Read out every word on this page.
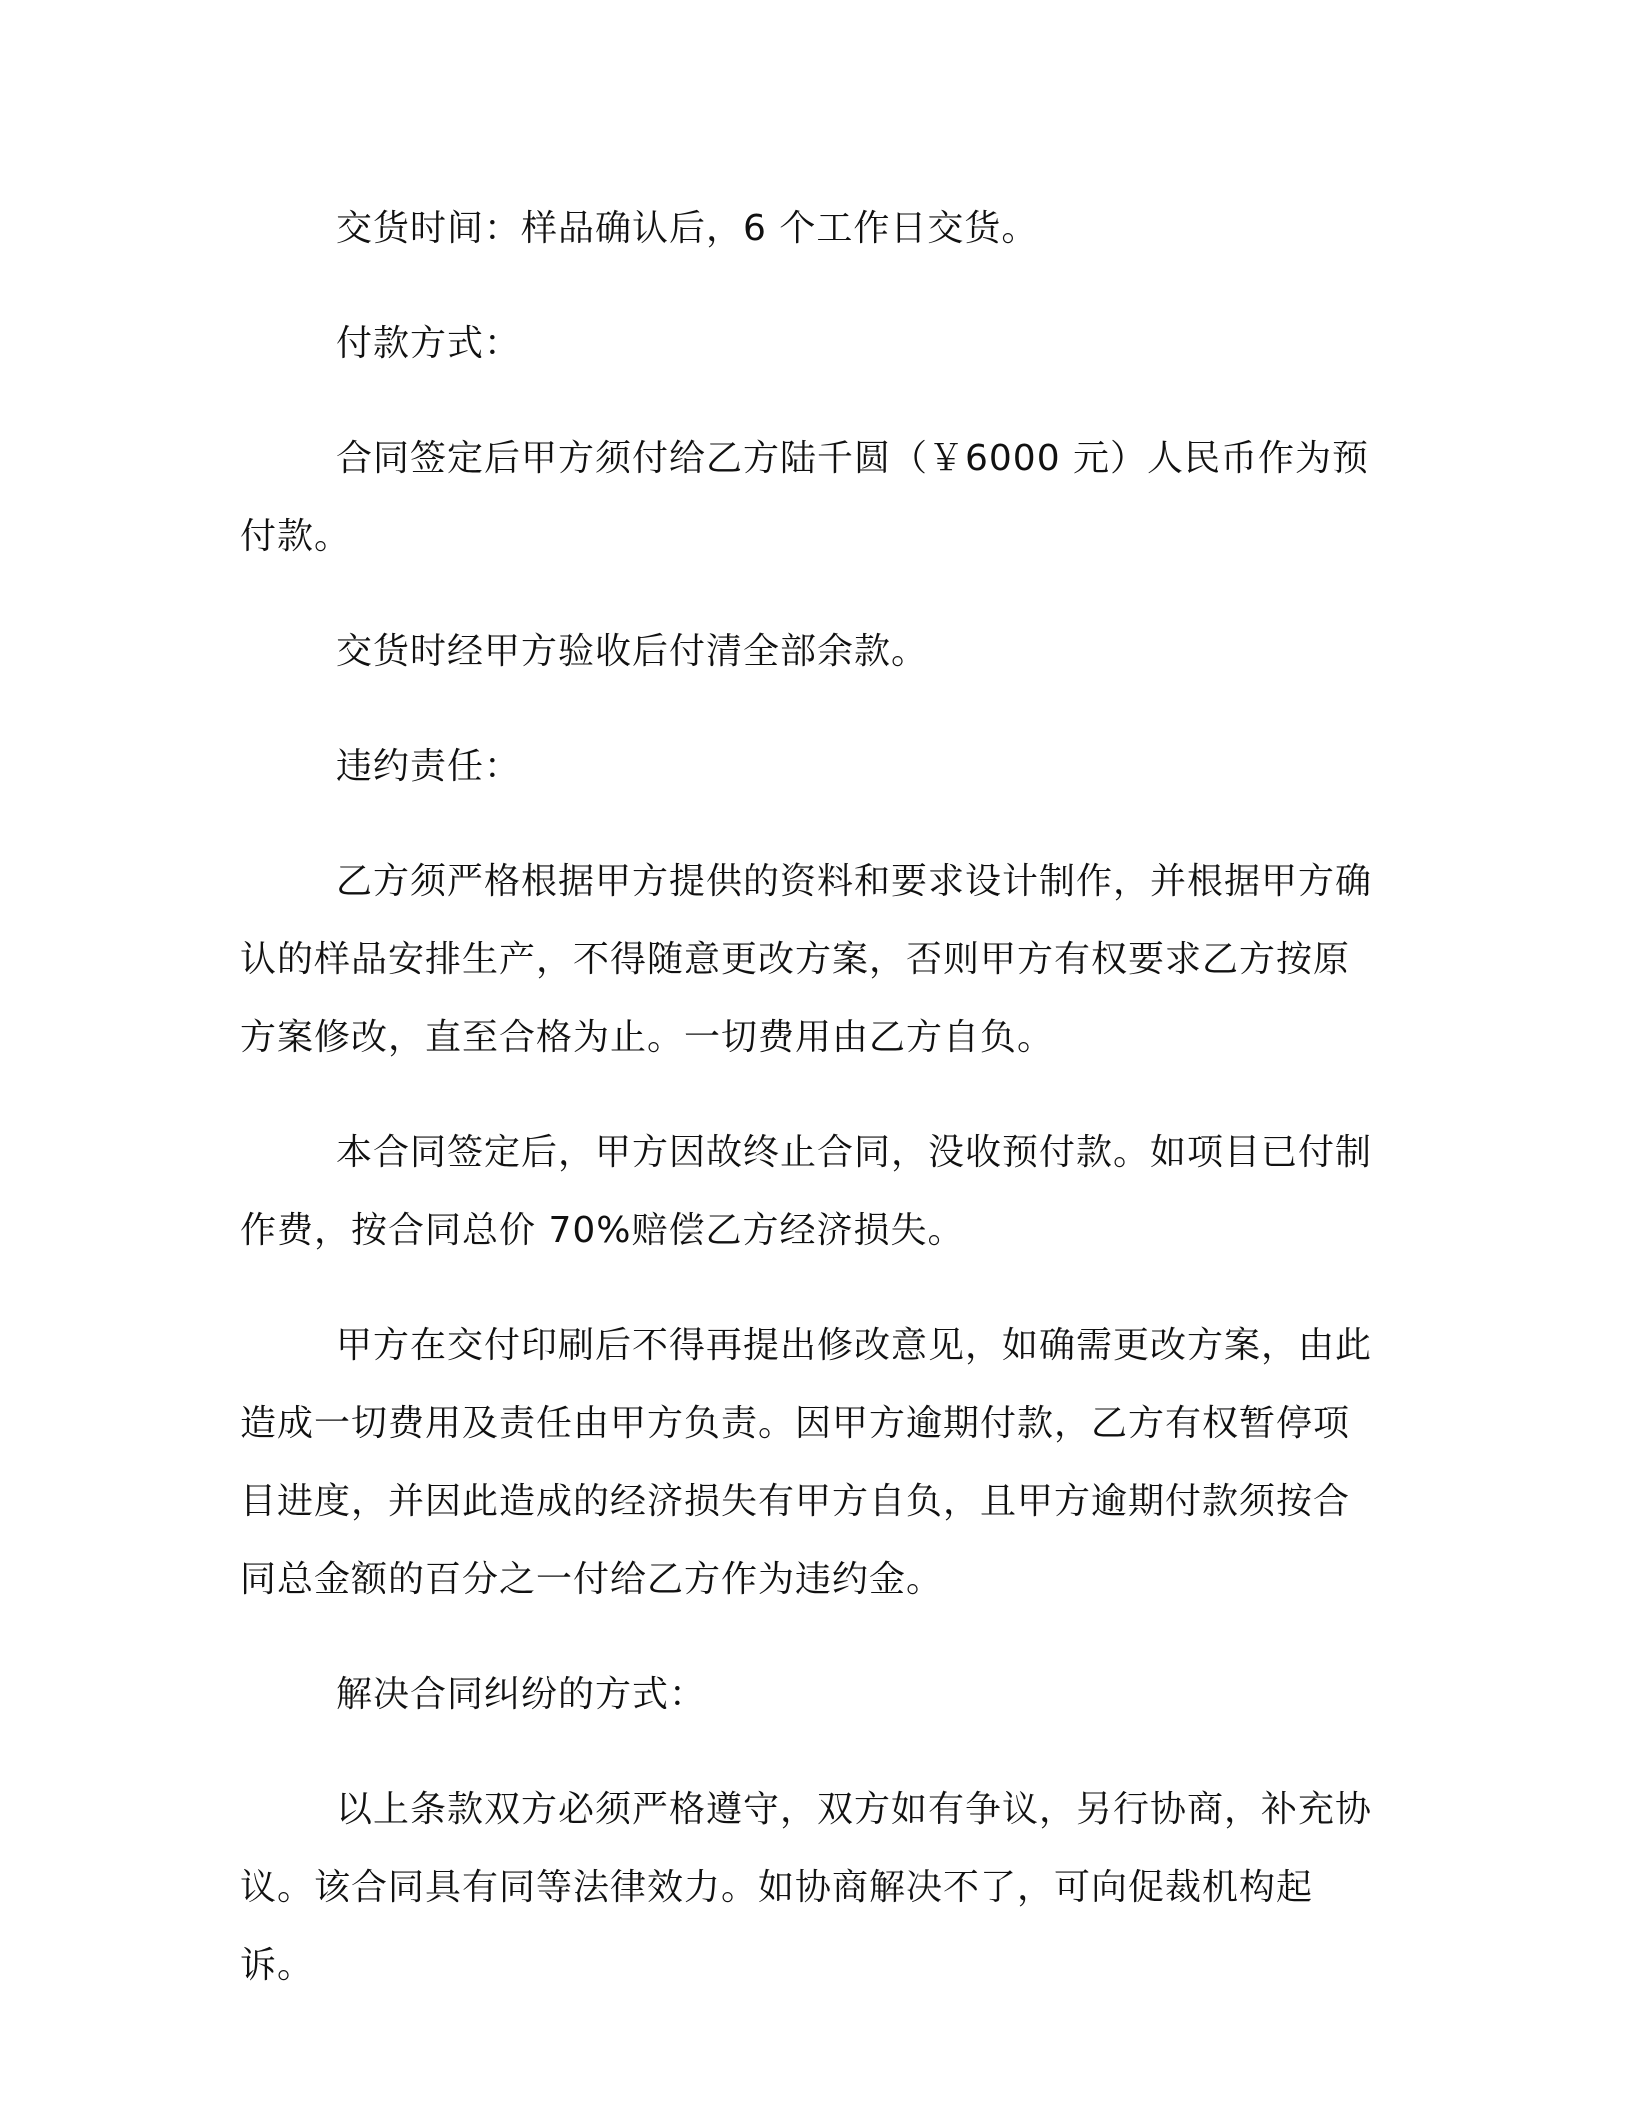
交货时间：样品确认后，6 个工作日交货。

付款方式：

合同签定后甲方须付给乙方陆千圆（￥6000 元）人民币作为预付款。

交货时经甲方验收后付清全部余款。

违约责任：

乙方须严格根据甲方提供的资料和要求设计制作，并根据甲方确认的样品安排生产，不得随意更改方案，否则甲方有权要求乙方按原方案修改，直至合格为止。一切费用由乙方自负。

本合同签定后，甲方因故终止合同，没收预付款。如项目已付制作费，按合同总价 70%赔偿乙方经济损失。

甲方在交付印刷后不得再提出修改意见，如确需更改方案，由此造成一切费用及责任由甲方负责。因甲方逾期付款，乙方有权暂停项目进度，并因此造成的经济损失有甲方自负，且甲方逾期付款须按合同总金额的百分之一付给乙方作为违约金。

解决合同纠纷的方式：

以上条款双方必须严格遵守，双方如有争议，另行协商，补充协议。该合同具有同等法律效力。如协商解决不了，可向促裁机构起诉。
